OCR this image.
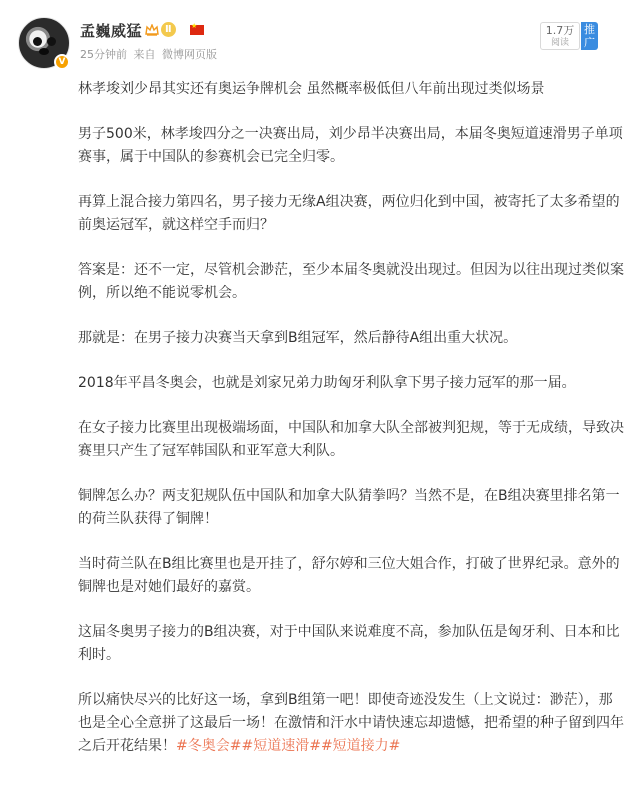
V
孟巍威猛	Ⅱ
★
25分钟前 来自 微博网页版
1.7万
阅读
推广

林孝埈刘少昂其实还有奥运争牌机会 虽然概率极低但八年前出现过类似场景

男子500米，林孝埈四分之一决赛出局，刘少昂半决赛出局，本届冬奥短道速滑男子单项赛事，属于中国队的参赛机会已完全归零。

再算上混合接力第四名，男子接力无缘A组决赛，两位归化到中国，被寄托了太多希望的前奥运冠军，就这样空手而归？

答案是：还不一定，尽管机会渺茫，至少本届冬奥就没出现过。但因为以往出现过类似案例，所以绝不能说零机会。

那就是：在男子接力决赛当天拿到B组冠军，然后静待A组出重大状况。

2018年平昌冬奥会，也就是刘家兄弟力助匈牙利队拿下男子接力冠军的那一届。

在女子接力比赛里出现极端场面，中国队和加拿大队全部被判犯规，等于无成绩，导致决赛里只产生了冠军韩国队和亚军意大利队。

铜牌怎么办？两支犯规队伍中国队和加拿大队猜拳吗？当然不是，在B组决赛里排名第一的荷兰队获得了铜牌！

当时荷兰队在B组比赛里也是开挂了，舒尔婷和三位大姐合作，打破了世界纪录。意外的铜牌也是对她们最好的嘉赏。

这届冬奥男子接力的B组决赛，对于中国队来说难度不高，参加队伍是匈牙利、日本和比利时。

所以痛快尽兴的比好这一场，拿到B组第一吧！即使奇迹没发生（上文说过：渺茫），那也是全心全意拼了这最后一场！在激情和汗水中请快速忘却遗憾，把希望的种子留到四年之后开花结果！#冬奥会##短道速滑##短道接力#
